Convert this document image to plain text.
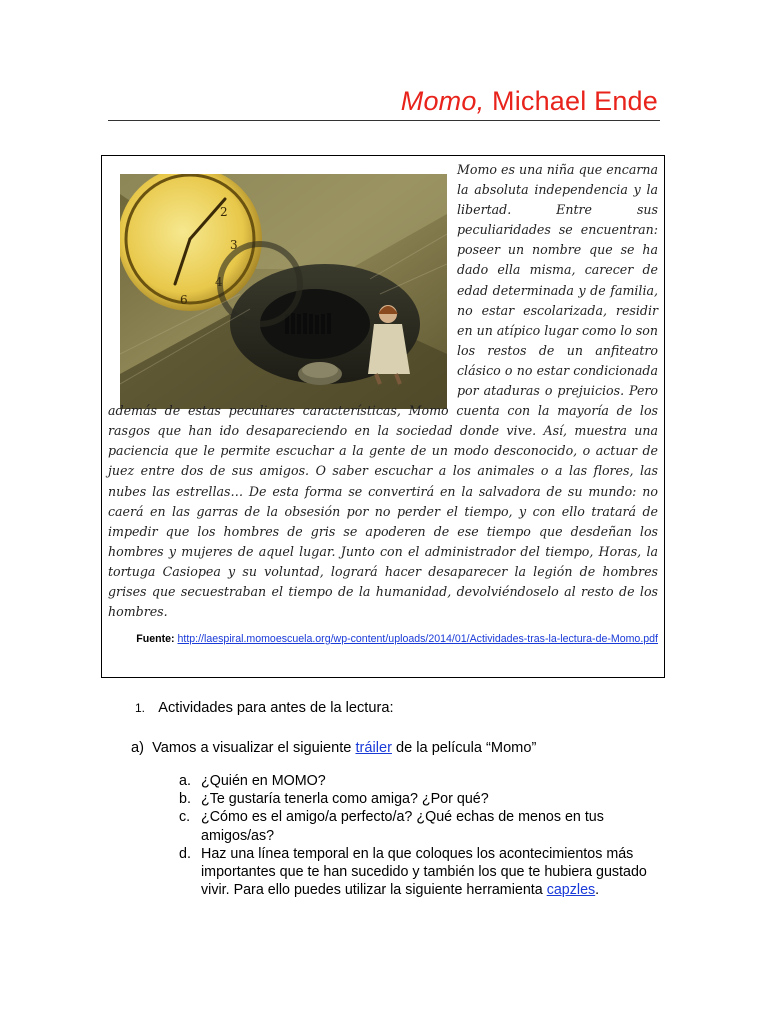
Momo, Michael Ende
3
4
6
2
Momo es una niña que encarna la absoluta independencia y la libertad. Entre sus peculiaridades se encuentran: poseer un nombre que se ha dado ella misma, carecer de edad determinada y de familia, no estar escolarizada, residir en un atípico lugar como lo son los restos de un anfiteatro clásico o no estar condicionada por ataduras o prejuicios. Pero además de estas peculiares características, Momo cuenta con la mayoría de los rasgos que han ido desapareciendo en la sociedad donde vive. Así, muestra una paciencia que le permite escuchar a la gente de un modo desconocido, o actuar de juez entre dos de sus amigos. O saber escuchar a los animales o a las flores, las nubes las estrellas… De esta forma se convertirá en la salvadora de su mundo: no caerá en las garras de la obsesión por no perder el tiempo, y con ello tratará de impedir que los hombres de gris se apoderen de ese tiempo que desdeñan los hombres y mujeres de aquel lugar. Junto con el administrador del tiempo, Horas, la tortuga Casiopea y su voluntad, logrará hacer desaparecer la legión de hombres grises que secuestraban el tiempo de la humanidad, devolviéndoselo al resto de los hombres.
Fuente: http://laespiral.momoescuela.org/wp-content/uploads/2014/01/Actividades-tras-la-lectura-de-Momo.pdf
1. Actividades para antes de la lectura:
a) Vamos a visualizar el siguiente tráiler de la película “Momo”
a. ¿Quién en MOMO?
b. ¿Te gustaría tenerla como amiga? ¿Por qué?
c. ¿Cómo es el amigo/a perfecto/a? ¿Qué echas de menos en tus amigos/as?
d. Haz una línea temporal en la que coloques los acontecimientos más importantes que te han sucedido y también los que te hubiera gustado vivir. Para ello puedes utilizar la siguiente herramienta capzles.
